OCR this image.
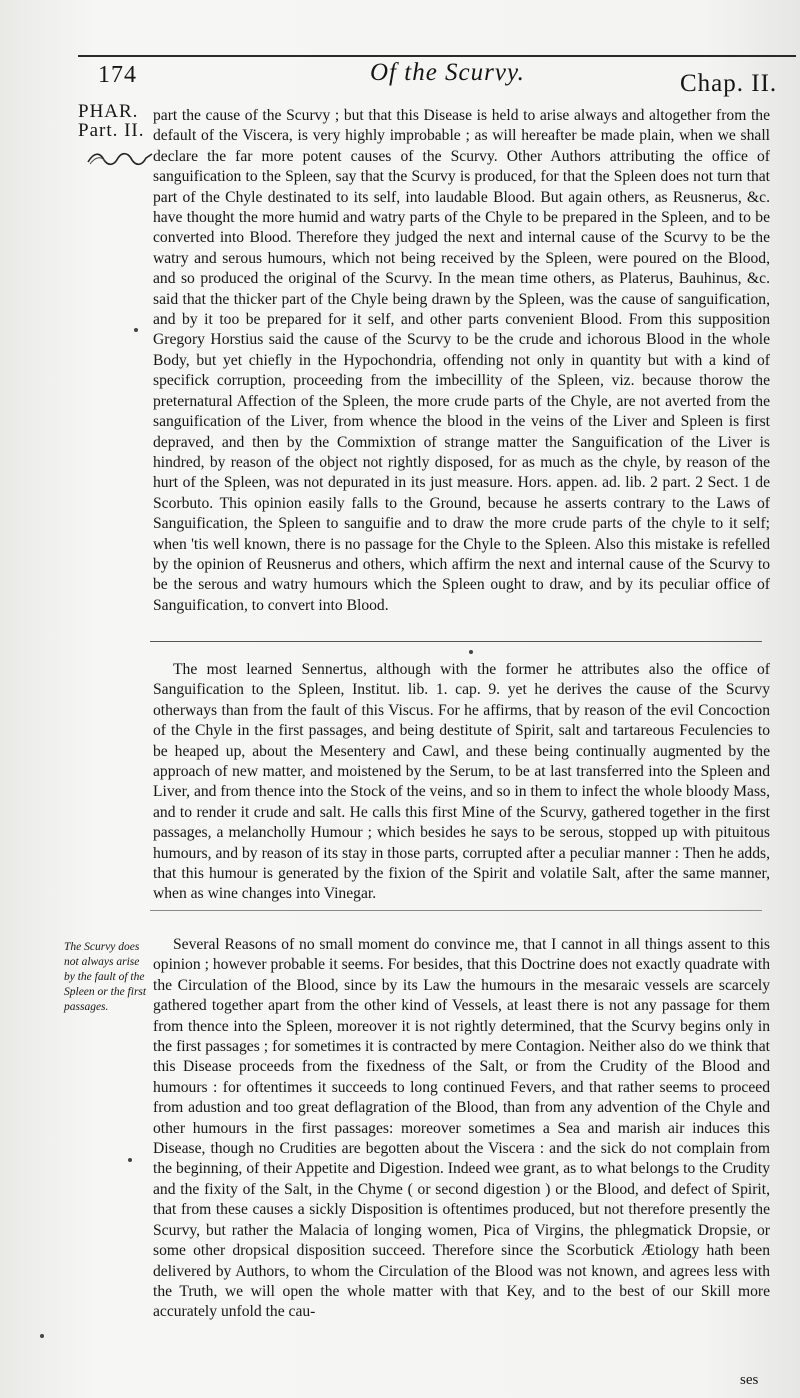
174	Of the Scurvy.	Chap. II.
PHAR.
Part. II.

part the cause of the Scurvy ; but that this Disease is held to arise always and altogether from the default of the Viscera, is very highly improbable ; as will hereafter be made plain, when we shall declare the far more potent causes of the Scurvy. Other Authors attributing the office of sanguification to the Spleen, say that the Scurvy is produced, for that the Spleen does not turn that part of the Chyle destinated to its self, into laudable Blood. But again others, as Reusnerus, &c. have thought the more humid and watry parts of the Chyle to be prepared in the Spleen, and to be converted into Blood. Therefore they judged the next and internal cause of the Scurvy to be the watry and serous humours, which not being received by the Spleen, were poured on the Blood, and so produced the original of the Scurvy. In the mean time others, as Platerus, Bauhinus, &c. said that the thicker part of the Chyle being drawn by the Spleen, was the cause of sanguification, and by it too be prepared for it self, and other parts convenient Blood. From this supposition Gregory Horstius said the cause of the Scurvy to be the crude and ichorous Blood in the whole Body, but yet chiefly in the Hypochondria, offending not only in quantity but with a kind of specifick corruption, proceeding from the imbecillity of the Spleen, viz. because thorow the preternatural Affection of the Spleen, the more crude parts of the Chyle, are not averted from the sanguification of the Liver, from whence the blood in the veins of the Liver and Spleen is first depraved, and then by the Commixtion of strange matter the Sanguification of the Liver is hindred, by reason of the object not rightly disposed, for as much as the chyle, by reason of the hurt of the Spleen, was not depurated in its just measure. Hors. appen. ad. lib. 2 part. 2 Sect. 1 de Scorbuto. This opinion easily falls to the Ground, because he asserts contrary to the Laws of Sanguification, the Spleen to sanguifie and to draw the more crude parts of the chyle to it self; when 'tis well known, there is no passage for the Chyle to the Spleen. Also this mistake is refelled by the opinion of Reusnerus and others, which affirm the next and internal cause of the Scurvy to be the serous and watry humours which the Spleen ought to draw, and by its peculiar office of Sanguification, to convert into Blood.

The most learned Sennertus, although with the former he attributes also the office of Sanguification to the Spleen, Institut. lib. 1. cap. 9. yet he derives the cause of the Scurvy otherways than from the fault of this Viscus. For he affirms, that by reason of the evil Concoction of the Chyle in the first passages, and being destitute of Spirit, salt and tartareous Feculencies to be heaped up, about the Mesentery and Cawl, and these being continually augmented by the approach of new matter, and moistened by the Serum, to be at last transferred into the Spleen and Liver, and from thence into the Stock of the veins, and so in them to infect the whole bloody Mass, and to render it crude and salt. He calls this first Mine of the Scurvy, gathered together in the first passages, a melancholly Humour ; which besides he says to be serous, stopped up with pituitous humours, and by reason of its stay in those parts, corrupted after a peculiar manner : Then he adds, that this humour is generated by the fixion of the Spirit and volatile Salt, after the same manner, when as wine changes into Vinegar.

The Scurvy does not always arise by the fault of the Spleen or the first passages.

Several Reasons of no small moment do convince me, that I cannot in all things assent to this opinion ; however probable it seems. For besides, that this Doctrine does not exactly quadrate with the Circulation of the Blood, since by its Law the humours in the mesaraic vessels are scarcely gathered together apart from the other kind of Vessels, at least there is not any passage for them from thence into the Spleen, moreover it is not rightly determined, that the Scurvy begins only in the first passages ; for sometimes it is contracted by mere Contagion. Neither also do we think that this Disease proceeds from the fixedness of the Salt, or from the Crudity of the Blood and humours : for oftentimes it succeeds to long continued Fevers, and that rather seems to proceed from adustion and too great deflagration of the Blood, than from any advention of the Chyle and other humours in the first passages: moreover sometimes a Sea and marish air induces this Disease, though no Crudities are begotten about the Viscera : and the sick do not complain from the beginning, of their Appetite and Digestion. Indeed wee grant, as to what belongs to the Crudity and the fixity of the Salt, in the Chyme ( or second digestion ) or the Blood, and defect of Spirit, that from these causes a sickly Disposition is oftentimes produced, but not therefore presently the Scurvy, but rather the Malacia of longing women, Pica of Virgins, the phlegmatick Dropsie, or some other dropsical disposition succeed. Therefore since the Scorbutick Ætiology hath been delivered by Authors, to whom the Circulation of the Blood was not known, and agrees less with the Truth, we will open the whole matter with that Key, and to the best of our Skill more accurately unfold the cau-

ses
